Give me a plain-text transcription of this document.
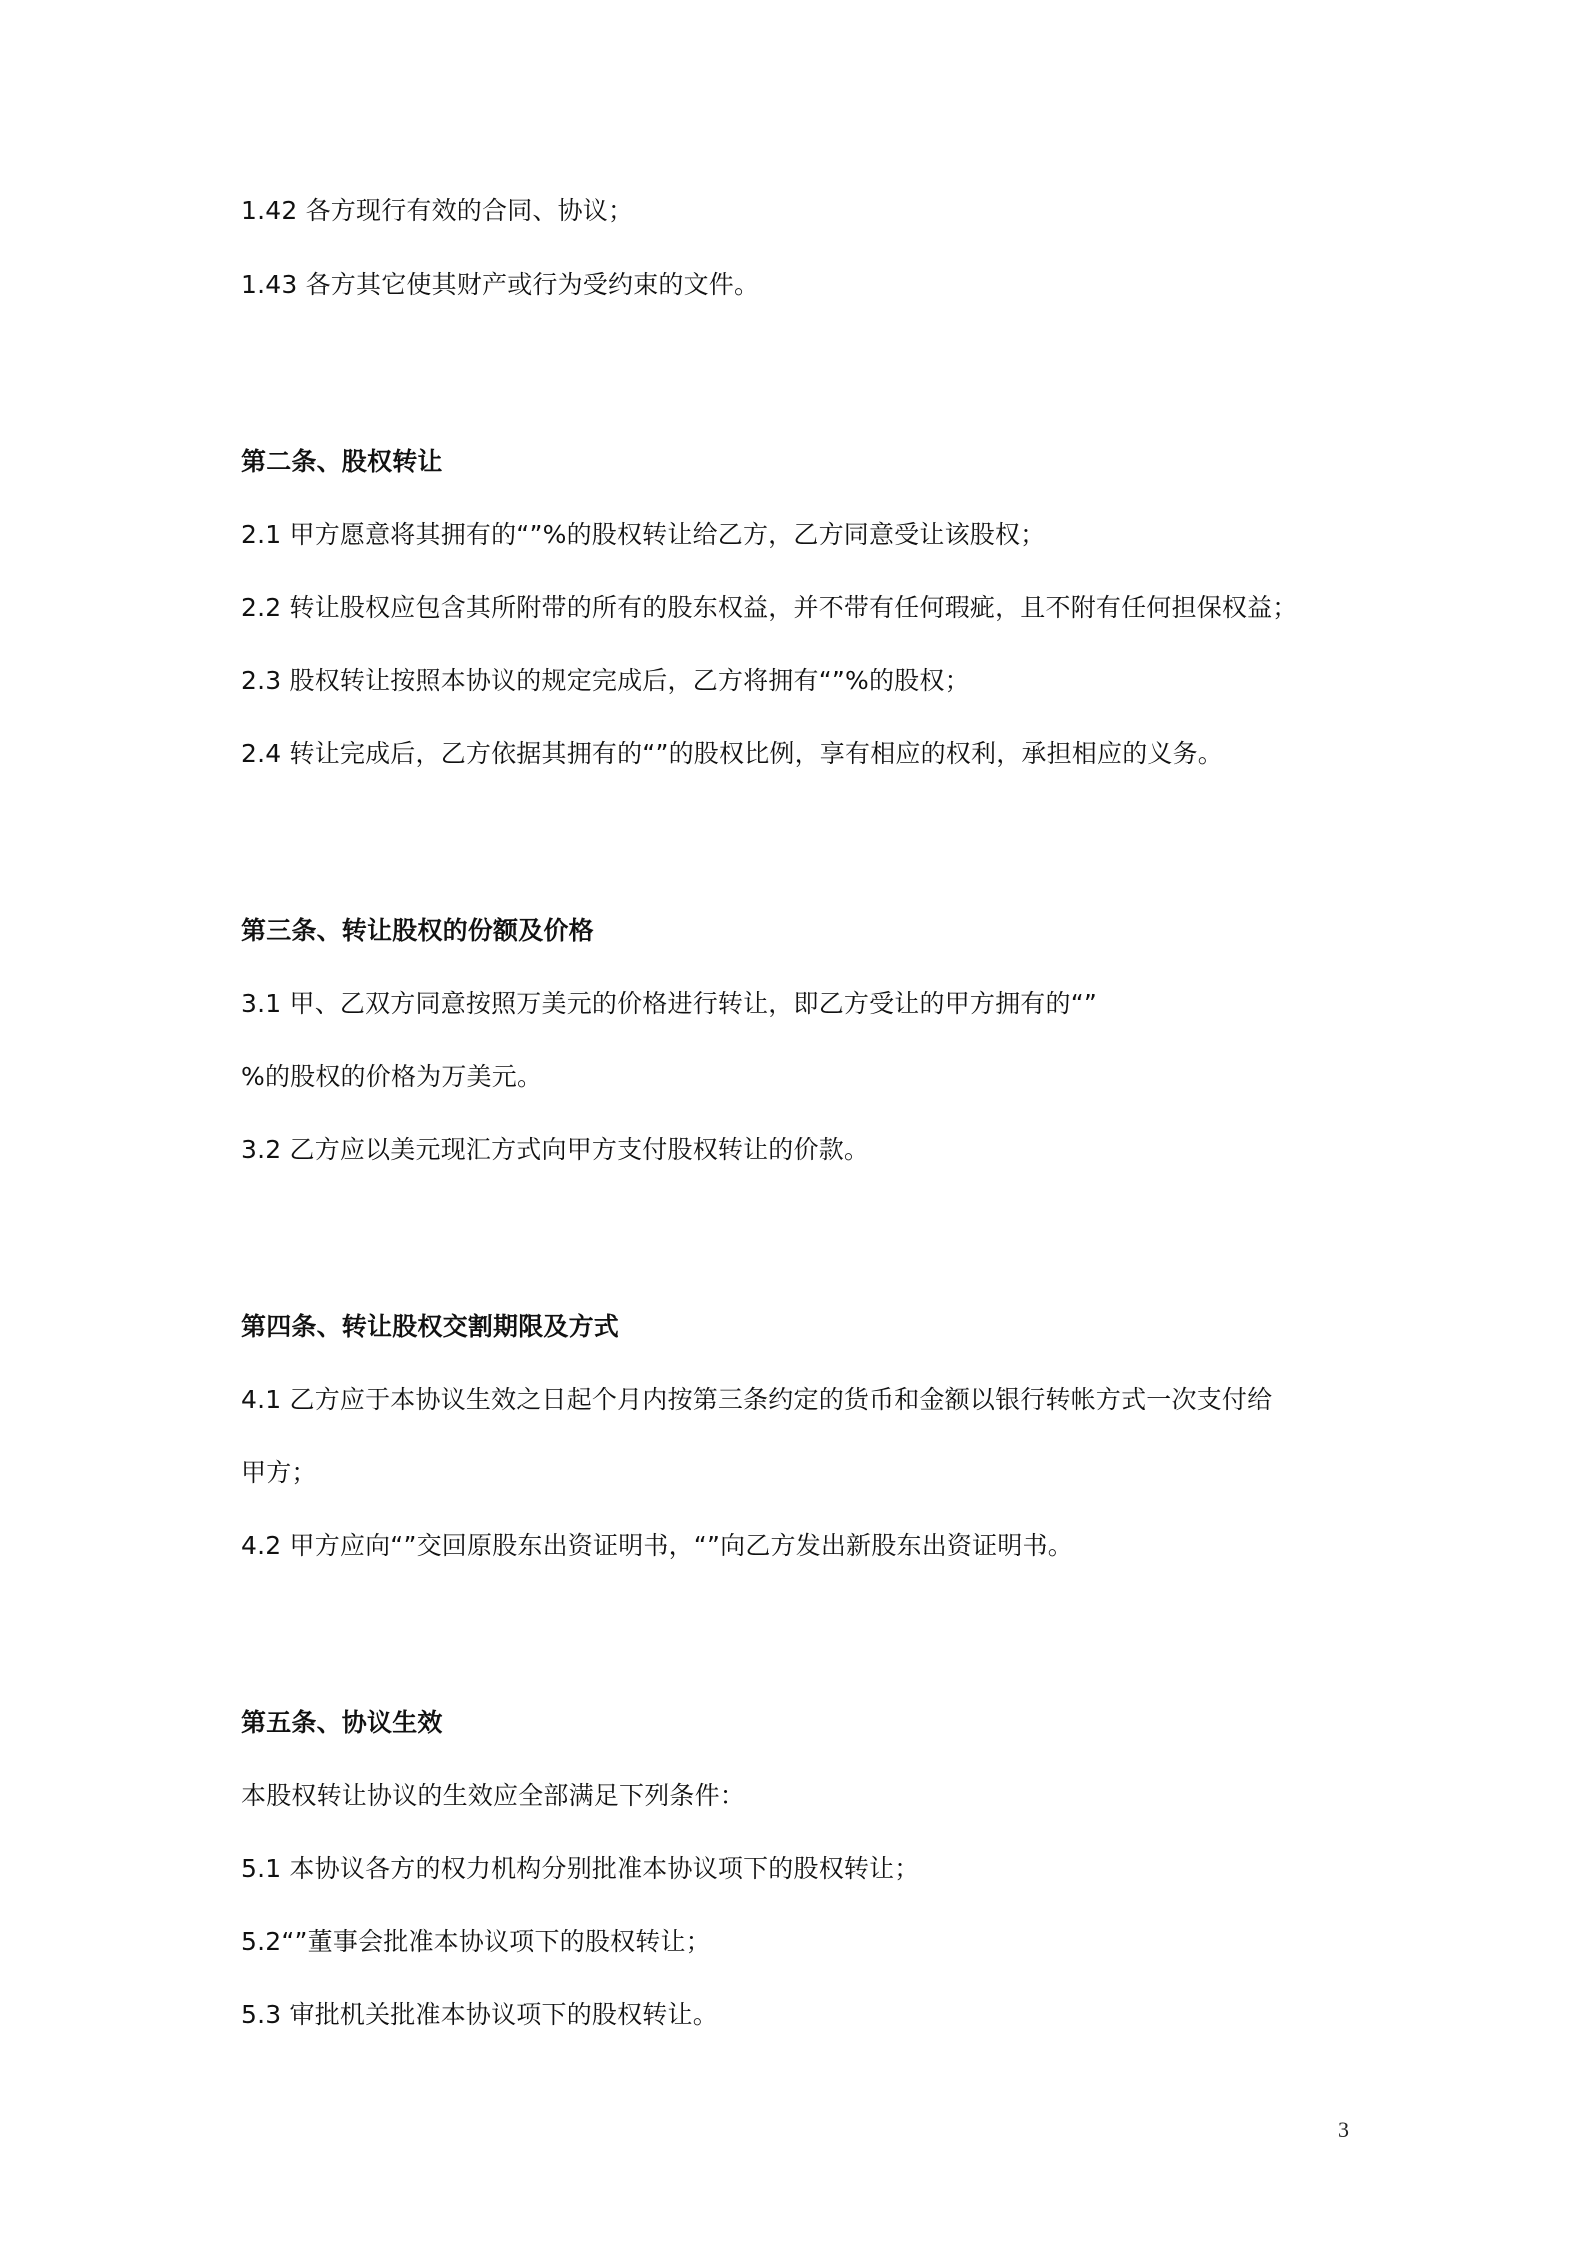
1.42 各方现行有效的合同、协议；
1.43 各方其它使其财产或行为受约束的文件。
第二条、股权转让
2.1 甲方愿意将其拥有的“”%的股权转让给乙方，乙方同意受让该股权；
2.2 转让股权应包含其所附带的所有的股东权益，并不带有任何瑕疵，且不附有任何担保权益；
2.3 股权转让按照本协议的规定完成后，乙方将拥有“”%的股权；
2.4 转让完成后，乙方依据其拥有的“”的股权比例，享有相应的权利，承担相应的义务。
第三条、转让股权的份额及价格
3.1 甲、乙双方同意按照万美元的价格进行转让，即乙方受让的甲方拥有的“”
%的股权的价格为万美元。
3.2 乙方应以美元现汇方式向甲方支付股权转让的价款。
第四条、转让股权交割期限及方式
4.1 乙方应于本协议生效之日起个月内按第三条约定的货币和金额以银行转帐方式一次支付给
甲方；
4.2 甲方应向“”交回原股东出资证明书，“”向乙方发出新股东出资证明书。
第五条、协议生效
本股权转让协议的生效应全部满足下列条件：
5.1 本协议各方的权力机构分别批准本协议项下的股权转让；
5.2“”董事会批准本协议项下的股权转让；
5.3 审批机关批准本协议项下的股权转让。
3
